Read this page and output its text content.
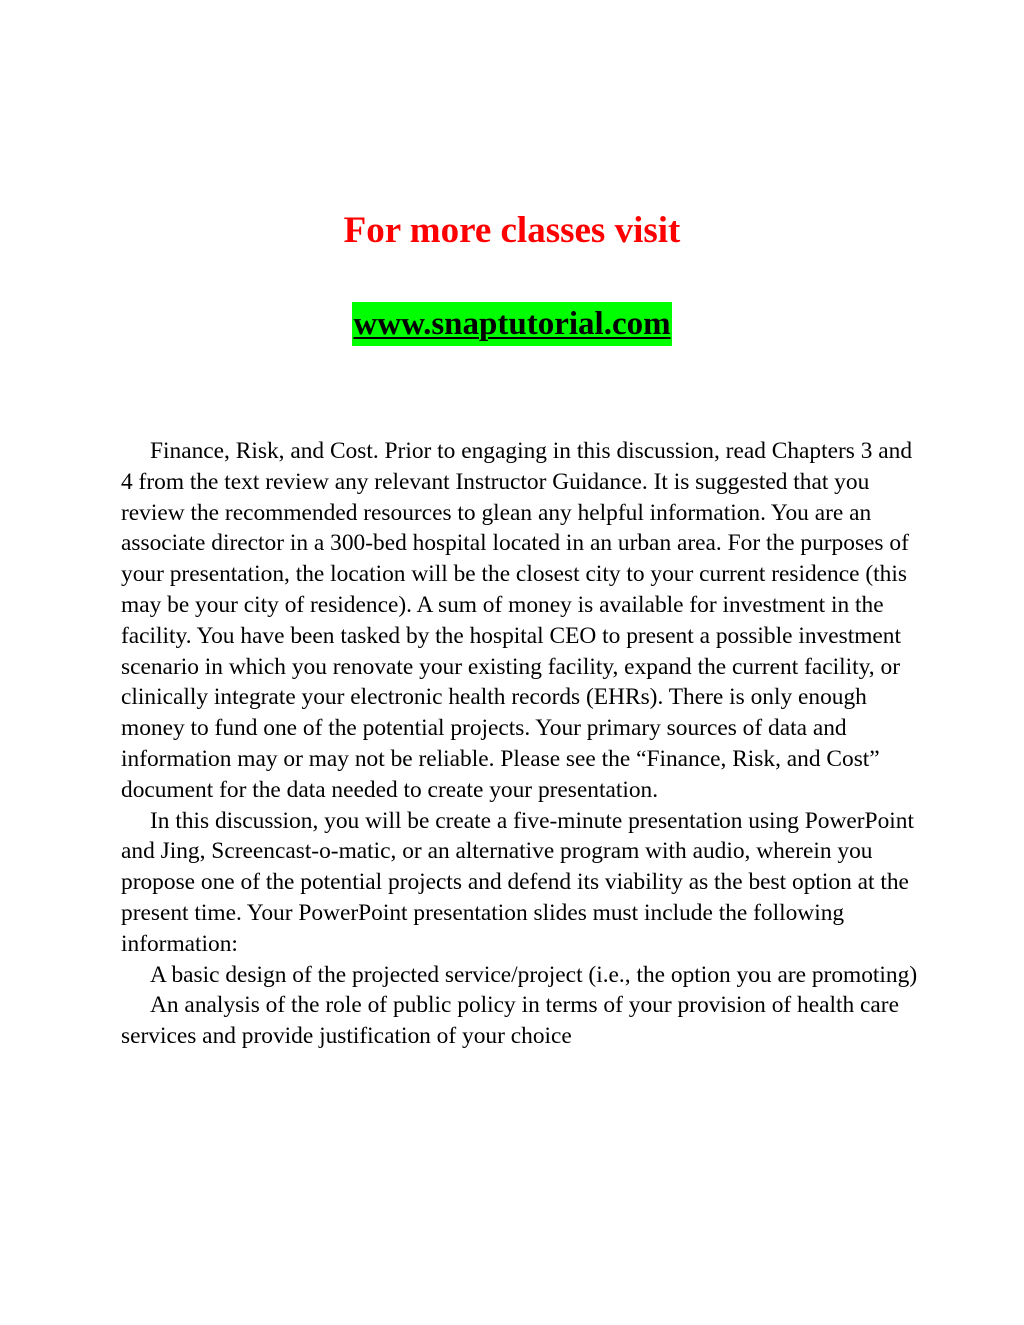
For more classes visit
www.snaptutorial.com

Finance, Risk, and Cost. Prior to engaging in this discussion, read Chapters 3 and 4 from the text review any relevant Instructor Guidance. It is suggested that you review the recommended resources to glean any helpful information. You are an associate director in a 300-bed hospital located in an urban area. For the purposes of your presentation, the location will be the closest city to your current residence (this may be your city of residence). A sum of money is available for investment in the facility. You have been tasked by the hospital CEO to present a possible investment scenario in which you renovate your existing facility, expand the current facility, or clinically integrate your electronic health records (EHRs). There is only enough money to fund one of the potential projects. Your primary sources of data and information may or may not be reliable. Please see the “Finance, Risk, and Cost” document for the data needed to create your presentation.

In this discussion, you will be create a five-minute presentation using PowerPoint and Jing, Screencast-o-matic, or an alternative program with audio, wherein you propose one of the potential projects and defend its viability as the best option at the present time. Your PowerPoint presentation slides must include the following information:

A basic design of the projected service/project (i.e., the option you are promoting)

An analysis of the role of public policy in terms of your provision of health care services and provide justification of your choice
